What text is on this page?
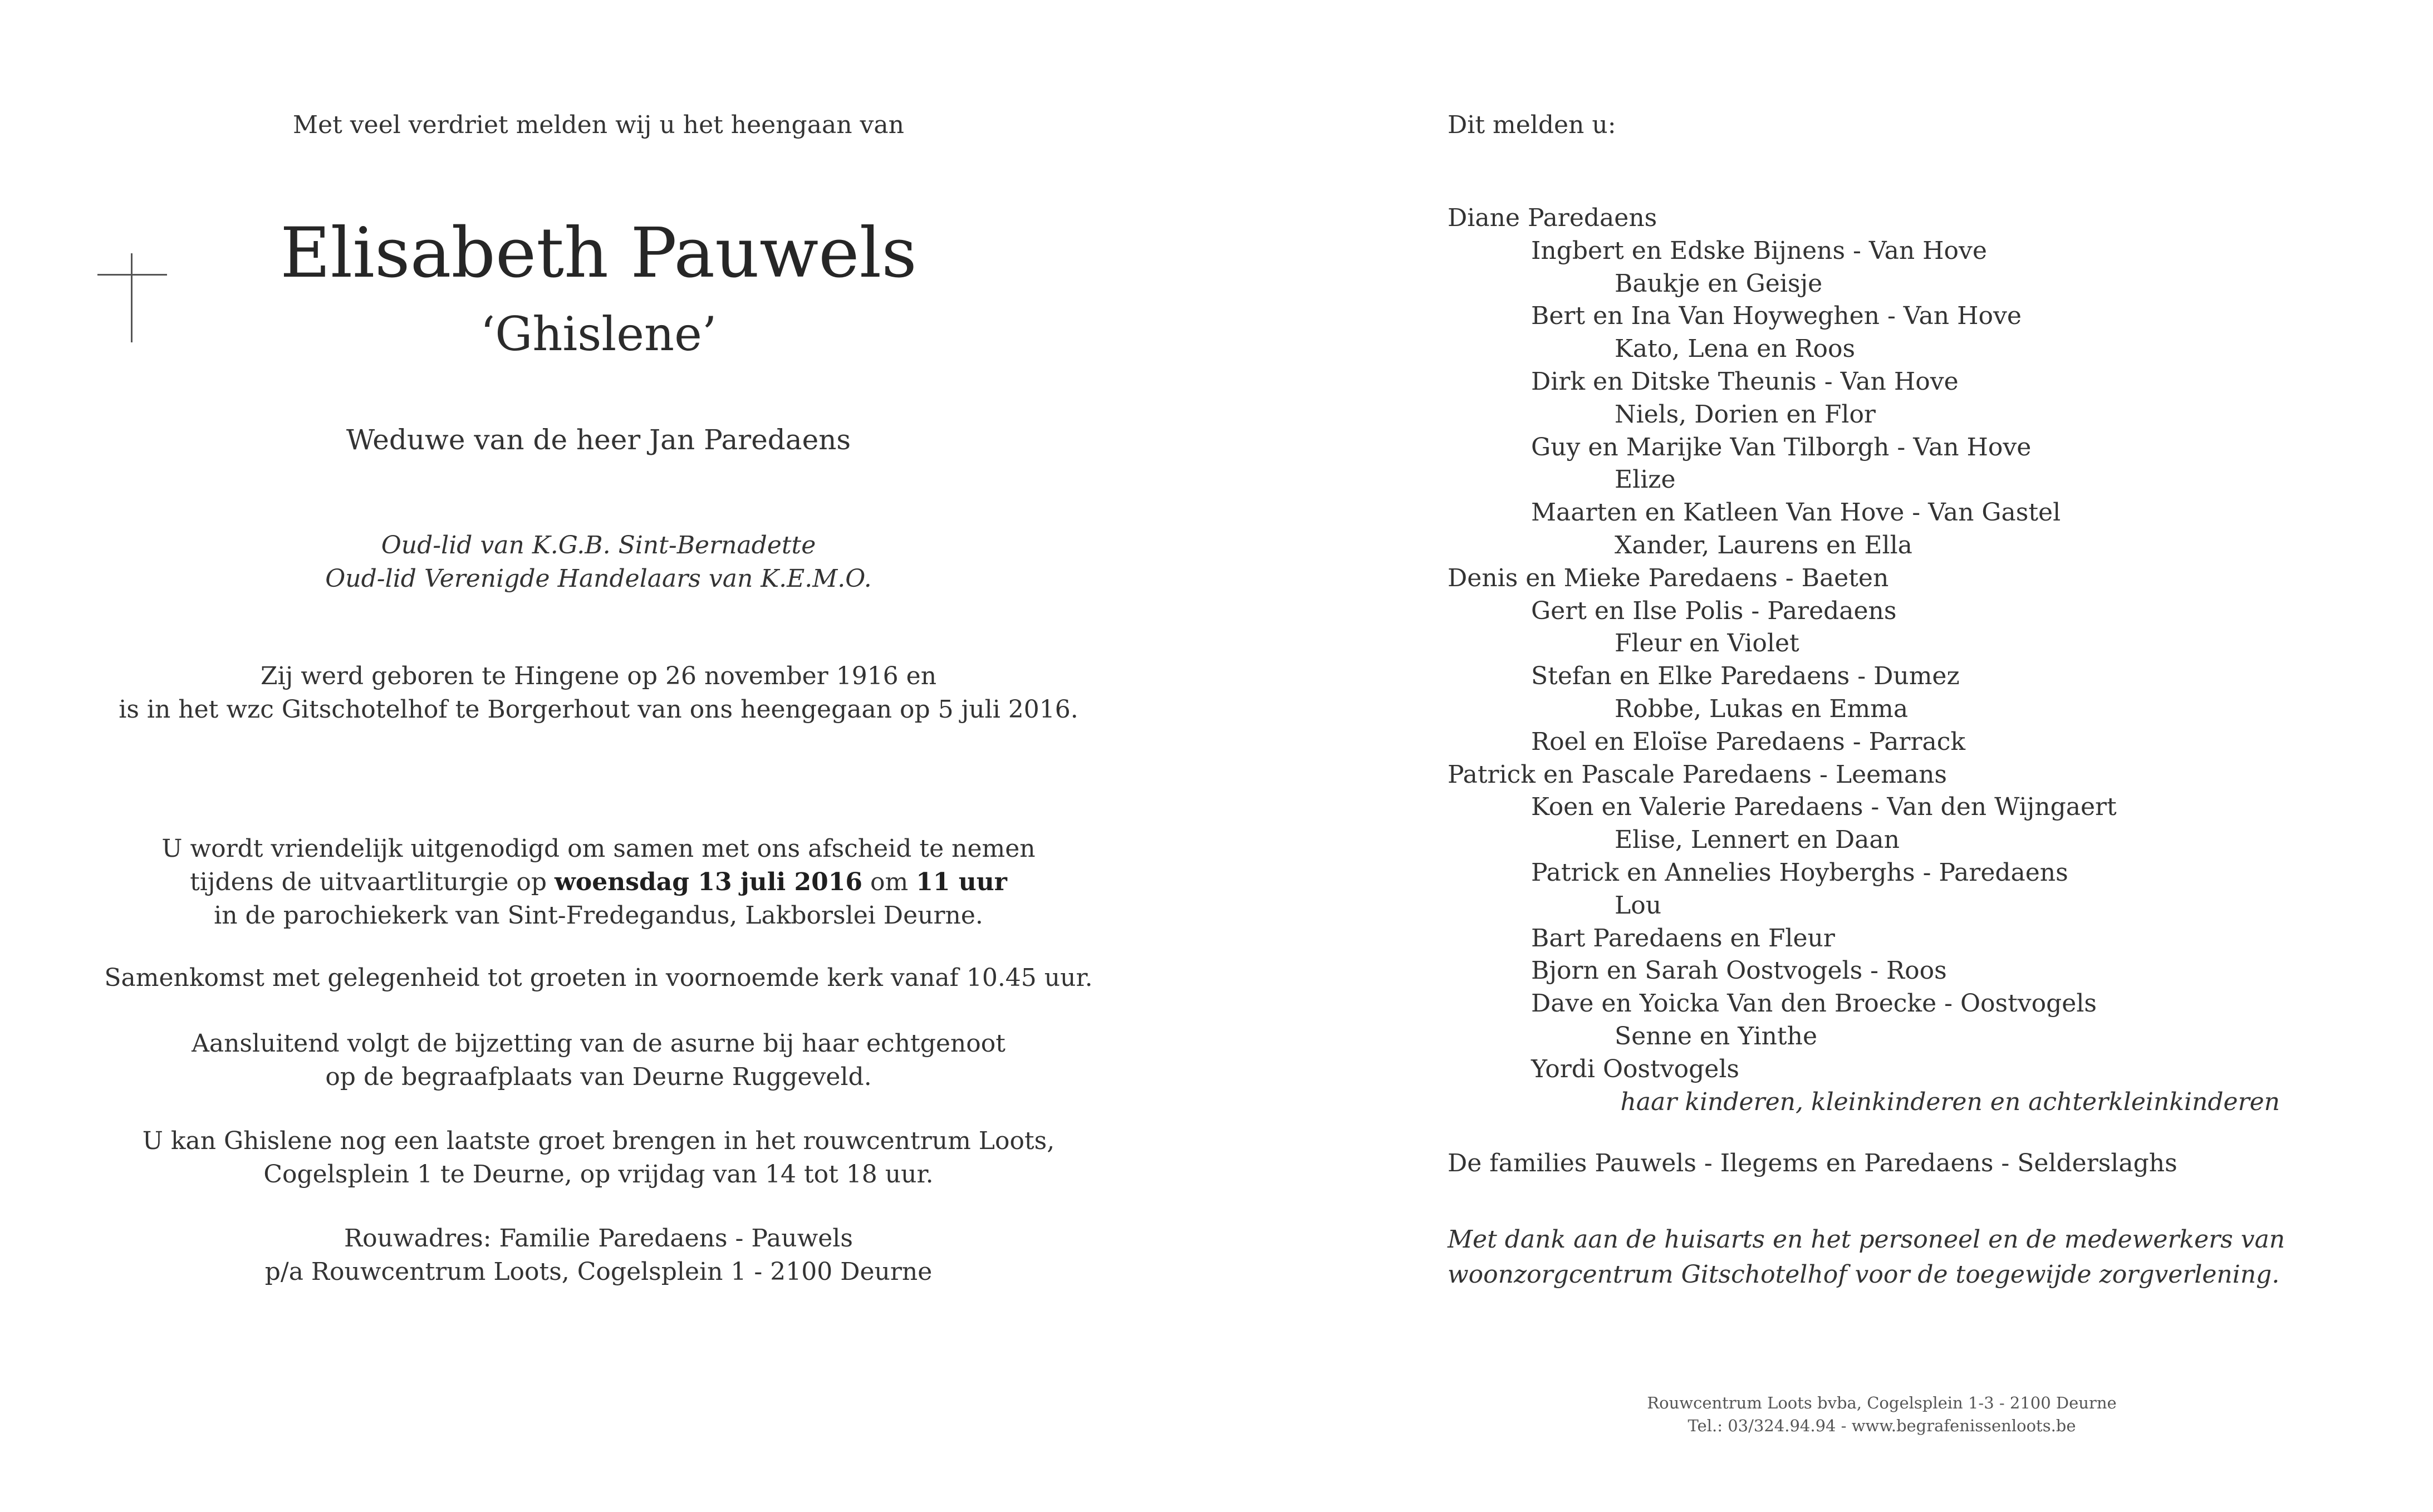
Met veel verdriet melden wij u het heengaan van
Elisabeth Pauwels
‘Ghislene’
Weduwe van de heer Jan Paredaens
Oud-lid van K.G.B. Sint-Bernadette
Oud-lid Verenigde Handelaars van K.E.M.O.
Zij werd geboren te Hingene op 26 november 1916 en
is in het wzc Gitschotelhof te Borgerhout van ons heengegaan op 5 juli 2016.
U wordt vriendelijk uitgenodigd om samen met ons afscheid te nemen
tijdens de uitvaartliturgie op woensdag 13 juli 2016 om 11 uur
in de parochiekerk van Sint-Fredegandus, Lakborslei Deurne.
Samenkomst met gelegenheid tot groeten in voornoemde kerk vanaf 10.45 uur.
Aansluitend volgt de bijzetting van de asurne bij haar echtgenoot
op de begraafplaats van Deurne Ruggeveld.
U kan Ghislene nog een laatste groet brengen in het rouwcentrum Loots,
Cogelsplein 1 te Deurne, op vrijdag van 14 tot 18 uur.
Rouwadres: Familie Paredaens - Pauwels
p/a Rouwcentrum Loots, Cogelsplein 1 - 2100 Deurne
Dit melden u:
Diane Paredaens
Ingbert en Edske Bijnens - Van Hove
Baukje en Geisje
Bert en Ina Van Hoyweghen - Van Hove
Kato, Lena en Roos
Dirk en Ditske Theunis - Van Hove
Niels, Dorien en Flor
Guy en Marijke Van Tilborgh - Van Hove
Elize
Maarten en Katleen Van Hove - Van Gastel
Xander, Laurens en Ella
Denis en Mieke Paredaens - Baeten
Gert en Ilse Polis - Paredaens
Fleur en Violet
Stefan en Elke Paredaens - Dumez
Robbe, Lukas en Emma
Roel en Eloïse Paredaens - Parrack
Patrick en Pascale Paredaens - Leemans
Koen en Valerie Paredaens - Van den Wijngaert
Elise, Lennert en Daan
Patrick en Annelies Hoyberghs - Paredaens
Lou
Bart Paredaens en Fleur
Bjorn en Sarah Oostvogels - Roos
Dave en Yoicka Van den Broecke - Oostvogels
Senne en Yinthe
Yordi Oostvogels
haar kinderen, kleinkinderen en achterkleinkinderen
De families Pauwels - Ilegems en Paredaens - Selderslaghs
Met dank aan de huisarts en het personeel en de medewerkers van
woonzorgcentrum Gitschotelhof voor de toegewijde zorgverlening.
Rouwcentrum Loots bvba, Cogelsplein 1-3 - 2100 Deurne
Tel.: 03/324.94.94 - www.begrafenissenloots.be
